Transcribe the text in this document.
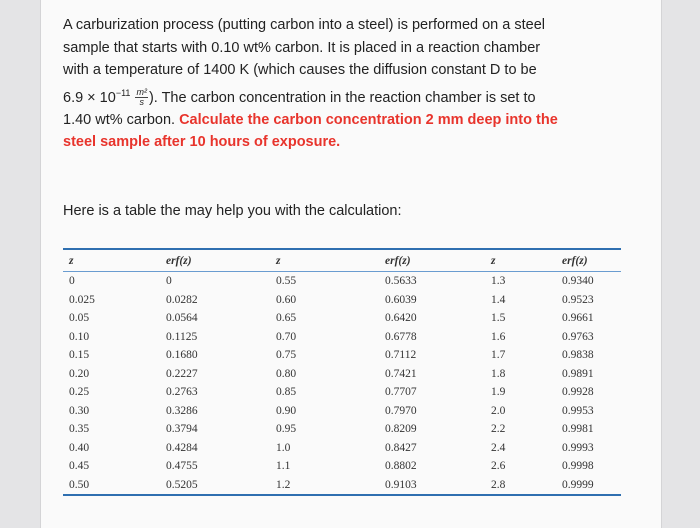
A carburization process (putting carbon into a steel) is performed on a steel
sample that starts with 0.10 wt% carbon. It is placed in a reaction chamber
with a temperature of 1400 K (which causes the diffusion constant D to be
$6.9 \times 10^{-11} \frac{\text{m²}}{s}$ ). The carbon concentration in the reaction chamber is set to
1.40 wt% carbon. Calculate the carbon concentration 2 mm deep into the
steel sample after 10 hours of exposure.
Here is a table the may help you with the calculation:
z	erf(z)	z	erf(z)	z	erf(z)
0	0	0.55	0.5633	1.3	0.9340
0.025	0.0282	0.60	0.6039	1.4	0.9523
0.05	0.0564	0.65	0.6420	1.5	0.9661
0.10	0.1125	0.70	0.6778	1.6	0.9763
0.15	0.1680	0.75	0.7112	1.7	0.9838
0.20	0.2227	0.80	0.7421	1.8	0.9891
0.25	0.2763	0.85	0.7707	1.9	0.9928
0.30	0.3286	0.90	0.7970	2.0	0.9953
0.35	0.3794	0.95	0.8209	2.2	0.9981
0.40	0.4284	1.0	0.8427	2.4	0.9993
0.45	0.4755	1.1	0.8802	2.6	0.9998
0.50	0.5205	1.2	0.9103	2.8	0.9999
